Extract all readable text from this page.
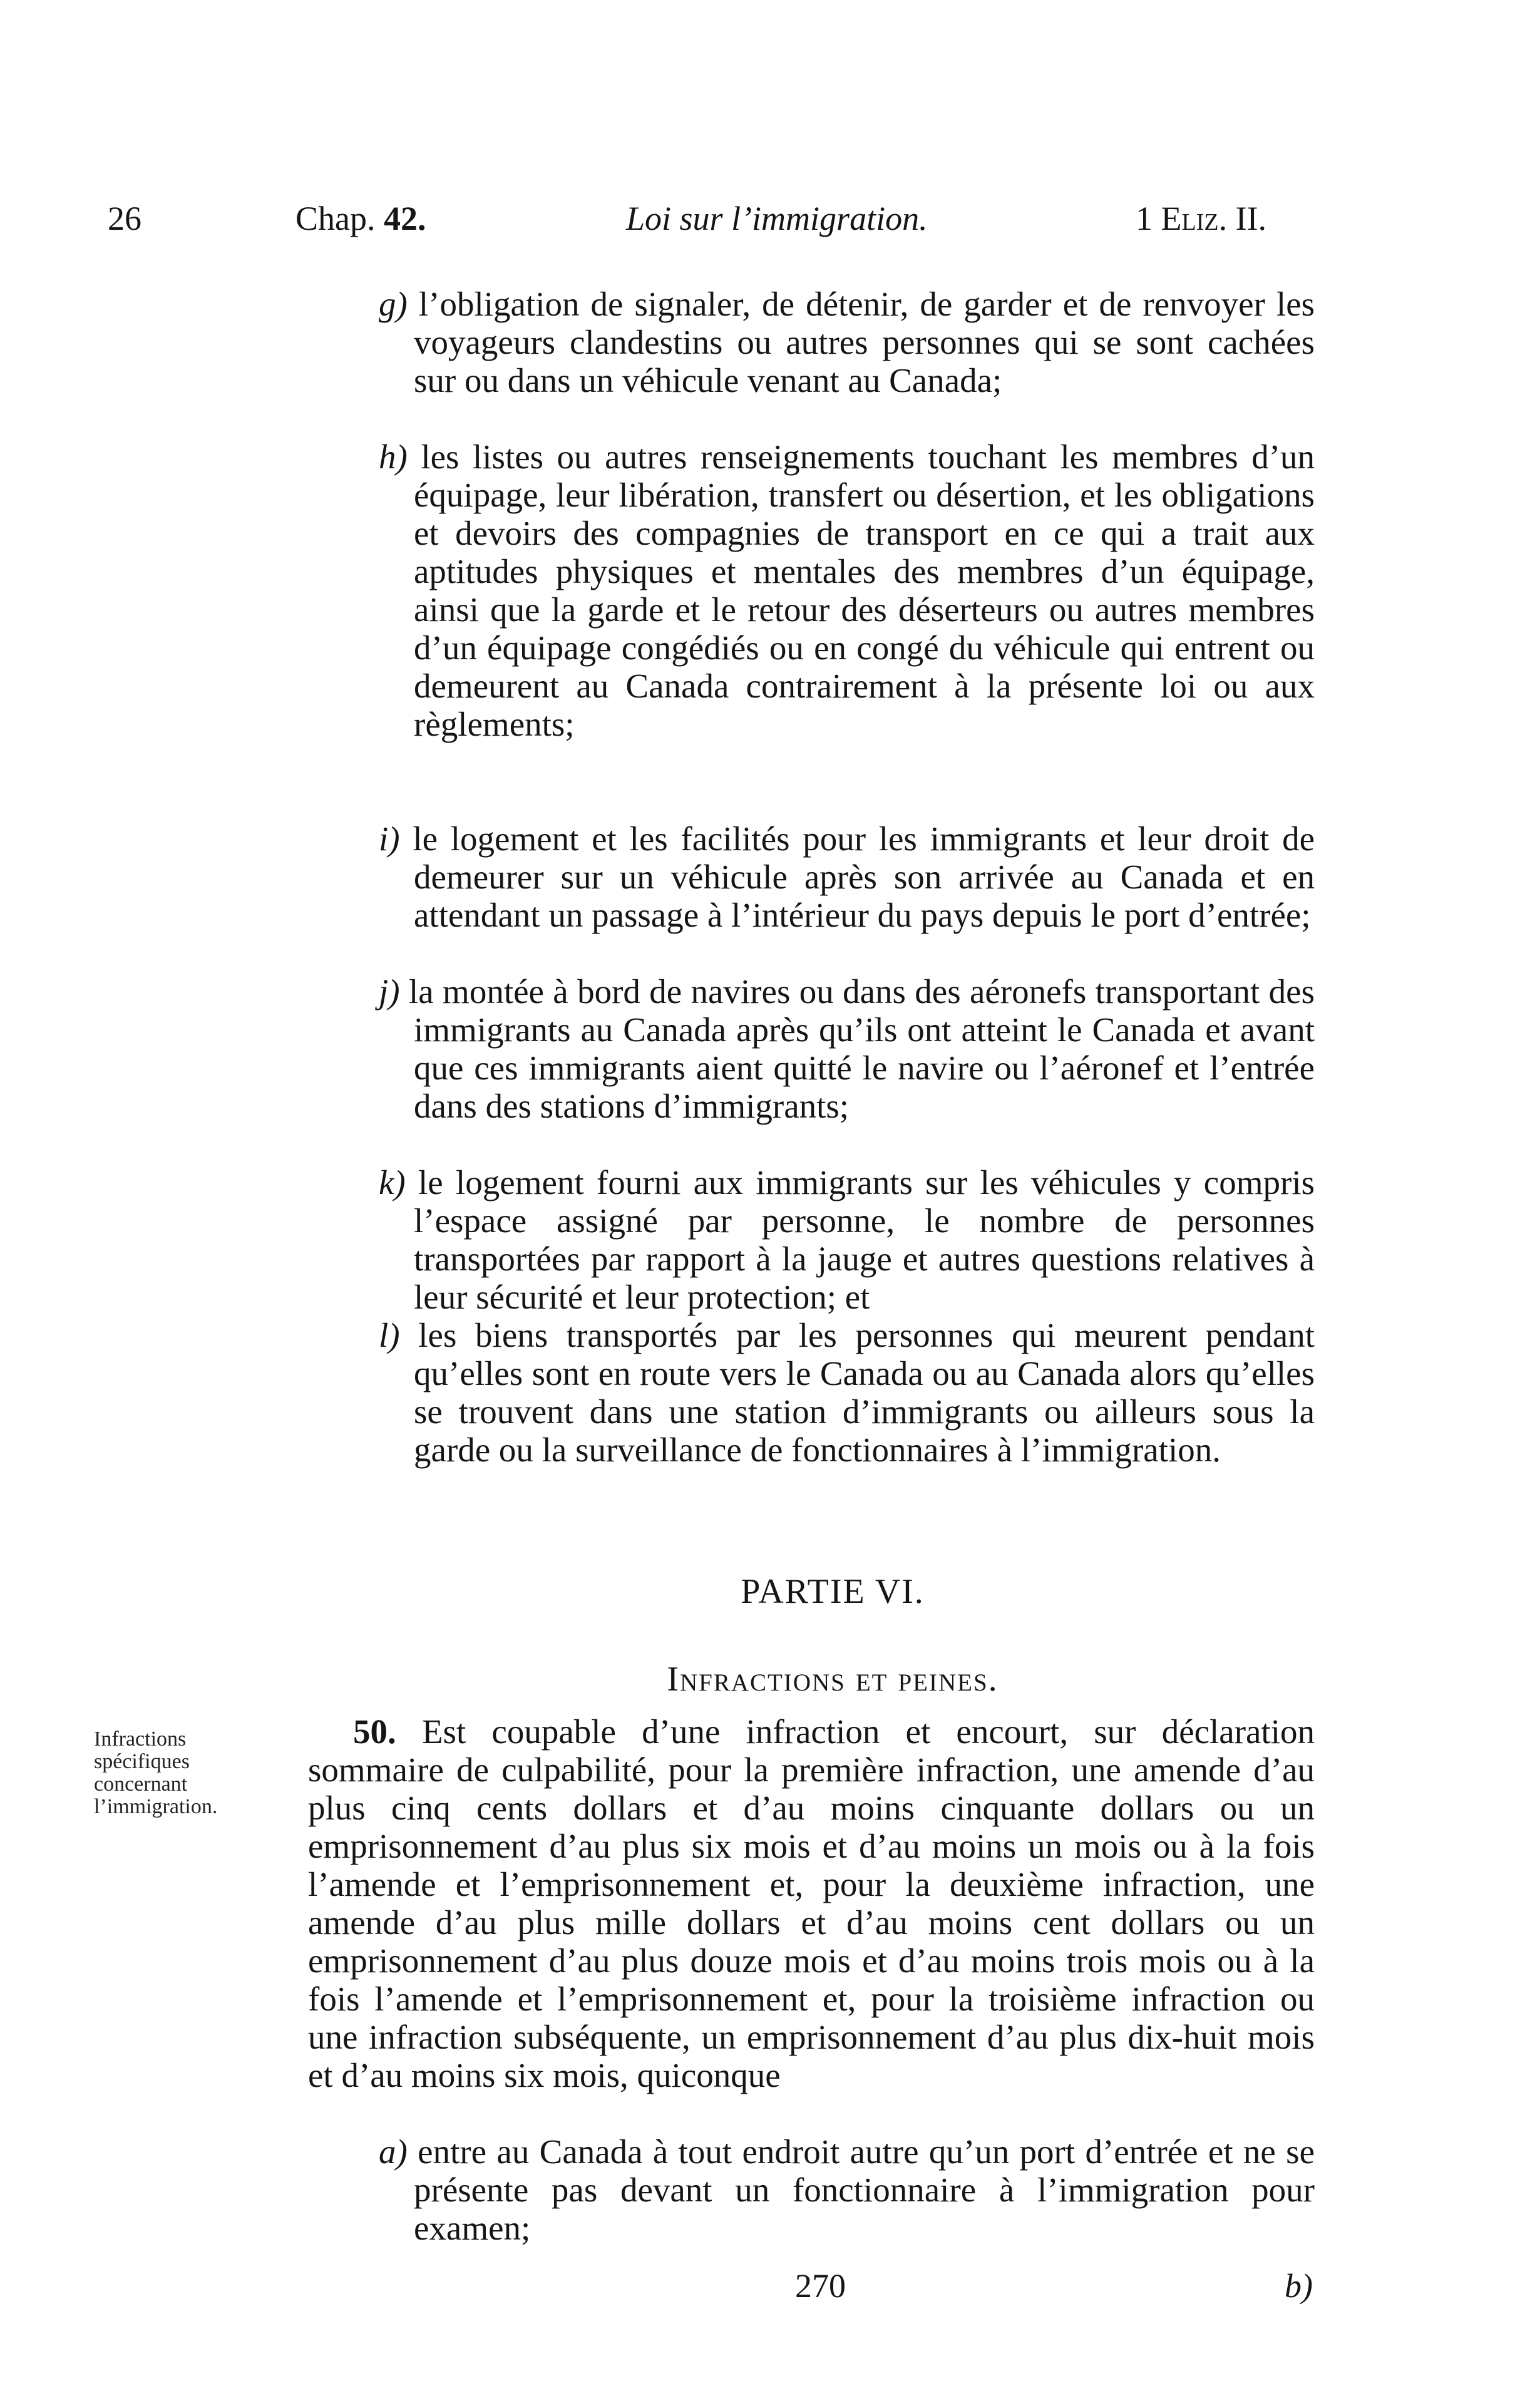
26	Chap. 42.	Loi sur l’immigration.	1 Eliz. II.
g) l’obligation de signaler, de détenir, de garder et de renvoyer les voyageurs clandestins ou autres personnes qui se sont cachées sur ou dans un véhicule venant au Canada;
h) les listes ou autres renseignements touchant les membres d’un équipage, leur libération, transfert ou désertion, et les obligations et devoirs des compagnies de transport en ce qui a trait aux aptitudes physiques et mentales des membres d’un équipage, ainsi que la garde et le retour des déserteurs ou autres membres d’un équipage congédiés ou en congé du véhicule qui entrent ou demeurent au Canada contrairement à la présente loi ou aux règlements;
i) le logement et les facilités pour les immigrants et leur droit de demeurer sur un véhicule après son arrivée au Canada et en attendant un passage à l’intérieur du pays depuis le port d’entrée;
j) la montée à bord de navires ou dans des aéronefs transportant des immigrants au Canada après qu’ils ont atteint le Canada et avant que ces immigrants aient quitté le navire ou l’aéronef et l’entrée dans des stations d’immigrants;
k) le logement fourni aux immigrants sur les véhicules y compris l’espace assigné par personne, le nombre de personnes transportées par rapport à la jauge et autres questions relatives à leur sécurité et leur protection; et
l) les biens transportés par les personnes qui meurent pendant qu’elles sont en route vers le Canada ou au Canada alors qu’elles se trouvent dans une station d’immigrants ou ailleurs sous la garde ou la surveillance de fonctionnaires à l’immigration.
PARTIE VI.
Infractions et peines.
Infractions spécifiques concernant l’immigration.
50. Est coupable d’une infraction et encourt, sur déclaration sommaire de culpabilité, pour la première infraction, une amende d’au plus cinq cents dollars et d’au moins cinquante dollars ou un emprisonnement d’au plus six mois et d’au moins un mois ou à la fois l’amende et l’emprisonnement et, pour la deuxième infraction, une amende d’au plus mille dollars et d’au moins cent dollars ou un emprisonnement d’au plus douze mois et d’au moins trois mois ou à la fois l’amende et l’emprisonnement et, pour la troisième infraction ou une infraction subséquente, un emprisonnement d’au plus dix-huit mois et d’au moins six mois, quiconque
a) entre au Canada à tout endroit autre qu’un port d’entrée et ne se présente pas devant un fonctionnaire à l’immigration pour examen;
270	b)
